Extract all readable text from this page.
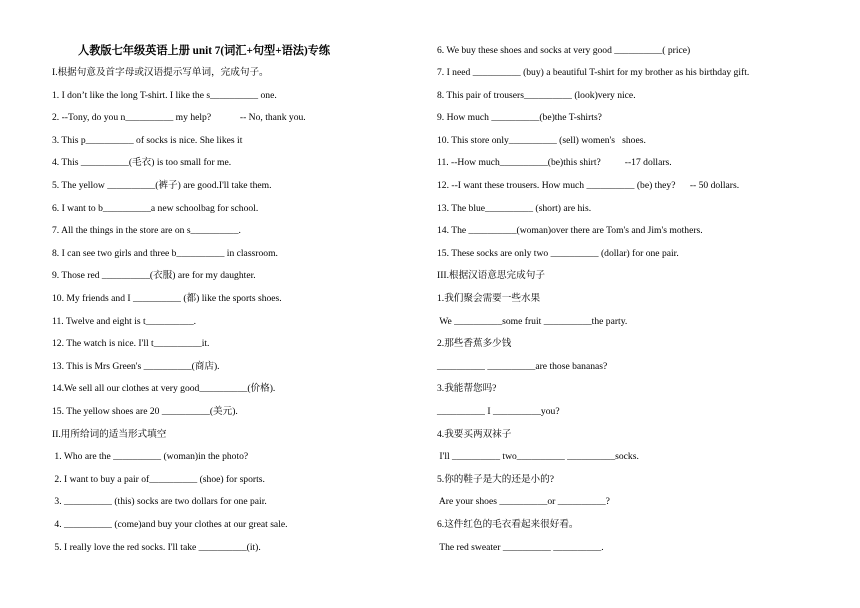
人教版七年级英语上册 unit 7(词汇+句型+语法)专练
I.根据句意及首字母或汉语提示写单词，完成句子。
1. I don’t like the long T-shirt. I like the s__________ one.
2. --Tony, do you n__________ my help?            -- No, thank you.
3. This p__________ of socks is nice. She likes it
4. This __________(毛衣) is too small for me.
5. The yellow __________(裤子) are good.I'll take them.
6. I want to b__________a new schoolbag for school.
7. All the things in the store are on s__________.
8. I can see two girls and three b__________ in classroom.
9. Those red __________(衣服) are for my daughter.
10. My friends and I __________ (都) like the sports shoes.
11. Twelve and eight is t__________.
12. The watch is nice. I'll t__________it.
13. This is Mrs Green's __________(商店).
14.We sell all our clothes at very good__________(价格).
15. The yellow shoes are 20 __________(美元).
II.用所给词的适当形式填空
1. Who are the __________ (woman)in the photo?
2. I want to buy a pair of__________ (shoe) for sports.
3. __________ (this) socks are two dollars for one pair.
4. __________ (come)and buy your clothes at our great sale.
5. I really love the red socks. I'll take __________(it).
6. We buy these shoes and socks at very good __________( price)
7. I need __________ (buy) a beautiful T-shirt for my brother as his birthday gift.
8. This pair of trousers__________ (look)very nice.
9. How much __________(be)the T-shirts?
10. This store only__________ (sell) women's   shoes.
11. --How much__________(be)this shirt?          --17 dollars.
12. --I want these trousers. How much __________ (be) they?      -- 50 dollars.
13. The blue__________ (short) are his.
14. The __________(woman)over there are Tom's and Jim's mothers.
15. These socks are only two __________ (dollar) for one pair.
III.根据汉语意思完成句子
1.我们聚会需要一些水果
We __________some fruit __________the party.
2.那些香蕉多少钱
__________ __________are those bananas?
3.我能帮您吗?
__________ I __________you?
4.我要买两双袜子
I'll __________ two__________ __________socks.
5.你的鞋子是大的还是小的?
Are your shoes __________or __________?
6.这件红色的毛衣看起来很好看。
The red sweater __________ __________.
